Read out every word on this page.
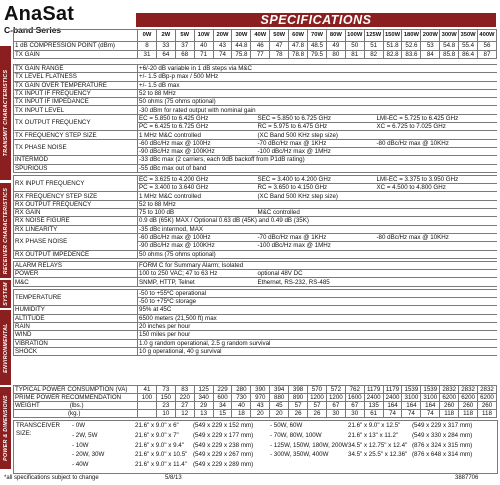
AnaSat
C-band Series
SPECIFICATIONS
TRANSMIT CHARACTERISTICS
RECEIVER CHARACTERISTICS
SYSTEM
ENVIRONMENTAL
POWER & DIMENSIONS
	0W	2W	5W	10W	20W	30W	40W	50W	60W	70W	80W	100W	125W	150W	180W	200W	300W	350W	400W
1 dB COMPRESSION POINT (dBm)	8	33	37	40	43	44.8	46	47	47.8	48.5	49	50	51	51.8	52.6	53	54.8	55.4	56
TX GAIN	31	64	68	71	74	75.8	77	78	78.8	79.5	80	81	82	82.8	83.6	84	85.8	86.4	87
TX GAIN RANGE	+6/-20 dB variable in 1 dB steps via M&C		
TX LEVEL FLATNESS	+/- 1.5 dBp-p max / 500 MHz		
TX GAIN OVER TEMPERATURE	+/- 1.5 dB max		
TX INPUT IF FREQUENCY	52 to 88 MHz		
TX INPUT IF IMPEDANCE	50 ohms (75 ohms optional)		
TX INPUT LEVEL	-30 dBm for rated output with nominal gain		
TX OUTPUT FREQUENCY	EC = 5.850 to 6.425 GHz	SEC = 5.850 to 6.725 GHz	LMI-EC = 5.725 to 6.425 GHz
	PC = 6.425 to 6.725 GHz	RC = 5.975 to 6.475 GHz	XC = 6.725 to 7.025 GHz
TX FREQUENCY STEP SIZE	1 MHz M&C controlled	(XC Band 500 KHz step size)	
TX PHASE NOISE	-60 dBc/Hz max @ 100Hz	-70 dBc/Hz max @ 1KHz	-80 dBc/Hz max @ 10KHz
	-90 dBc/Hz max @ 100KHz	-100 dBc/Hz max @ 1MHz	
INTERMOD	-33 dBc max (2 carriers, each 9dB backoff from P1dB rating)		
SPURIOUS	-55 dBc max out of band		

RX INPUT FREQUENCY	EC = 3.625 to 4.200 GHz	SEC = 3.400 to 4.200 GHz	LMI-EC = 3.375 to 3.950 GHz
	PC = 3.400 to 3.640 GHz	RC = 3.650 to 4.150 GHz	XC = 4.500 to 4.800 GHz
RX FREQUENCY STEP SIZE	1 MHz M&C controlled	(XC Band 500 KHz step size)	
RX OUTPUT FREQUENCY	52 to 88 MHz		
RX GAIN	75 to 100 dB	M&C controlled	
RX NOISE FIGURE	0.9 dB (65K) MAX / Optional 0.63 dB (45K) and 0.49 dB (35K)		
RX LINEARITY	-35 dBc intermod, MAX		
RX PHASE NOISE	-60 dBc/Hz max @ 100Hz	-70 dBc/Hz max @ 1KHz	-80 dBc/Hz max @ 10KHz
	-90 dBc/Hz max @ 100KHz	-100 dBc/Hz max @ 1MHz	
RX OUTPUT IMPEDENCE	50 ohms (75 ohms optional)		

ALARM RELAYS	FORM C for Summary Alarm; Isolated		
POWER	100 to 250 VAC; 47 to 63 Hz	optional 48V DC	
M&C	SNMP, HTTP, Telnet	Ethernet, RS-232, RS-485	

TEMPERATURE	-50 to +55ºC operational		
	-50 to +75ºC storage		
HUMIDITY	95% at 45C		
ALTITUDE	6500 meters (21,500 ft) max		
RAIN	20 inches per hour		
WIND	150 miles per hour		
VIBRATION	1.0 g random operational, 2.5 g random survival		
SHOCK	10 g operational, 40 g survival		
TYPICAL POWER CONSUMPTION (VA)	41	73	83	125	229	280	390	394	398	570	572	762	1179	1179	1539	1539	2832	2832	2832
PRIME POWER RECOMMENDATION	100	150	220	340	600	730	970	880	890	1200	1200	1600	2400	2400	3100	3100	6200	6200	6200
WEIGHT (lbs.)		23	27	29	34	40	43	45	57	57	67	67	135	164	164	164	260	260	260
(kg.)		10	12	13	15	18	20	20	26	26	30	30	61	74	74	74	118	118	118
TRANSCEIVER
SIZE:
- 0W	21.6" x 9.0" x 6" (549 x 229 x 152 mm)
- 2W, 5W	21.6" x 9.0" x 7" (549 x 229 x 177 mm)
- 10W	21.6" x 9.0" x 9.4" (549 x 229 x 238 mm)
- 20W, 30W	21.6" x 9.0" x 10.5" (549 x 229 x 267 mm)
- 40W	21.6" x 9.0" x 11.4" (549 x 229 x 289 mm)
- 50W, 60W	21.6" x 9.0" x 12.5" (549 x 229 x 317 mm)
- 70W, 80W, 100W	21.6" x 13" x 11.2" (549 x 330 x 284 mm)
- 125W, 150W, 180W, 200W 34.5" x 12.75" x 12.4" (876 x 324 x 315 mm)
- 300W, 350W, 400W	34.5" x 25.5" x 12.36" (876 x 648 x 314 mm)
*all specifications subject to change	5/8/13	3887706
